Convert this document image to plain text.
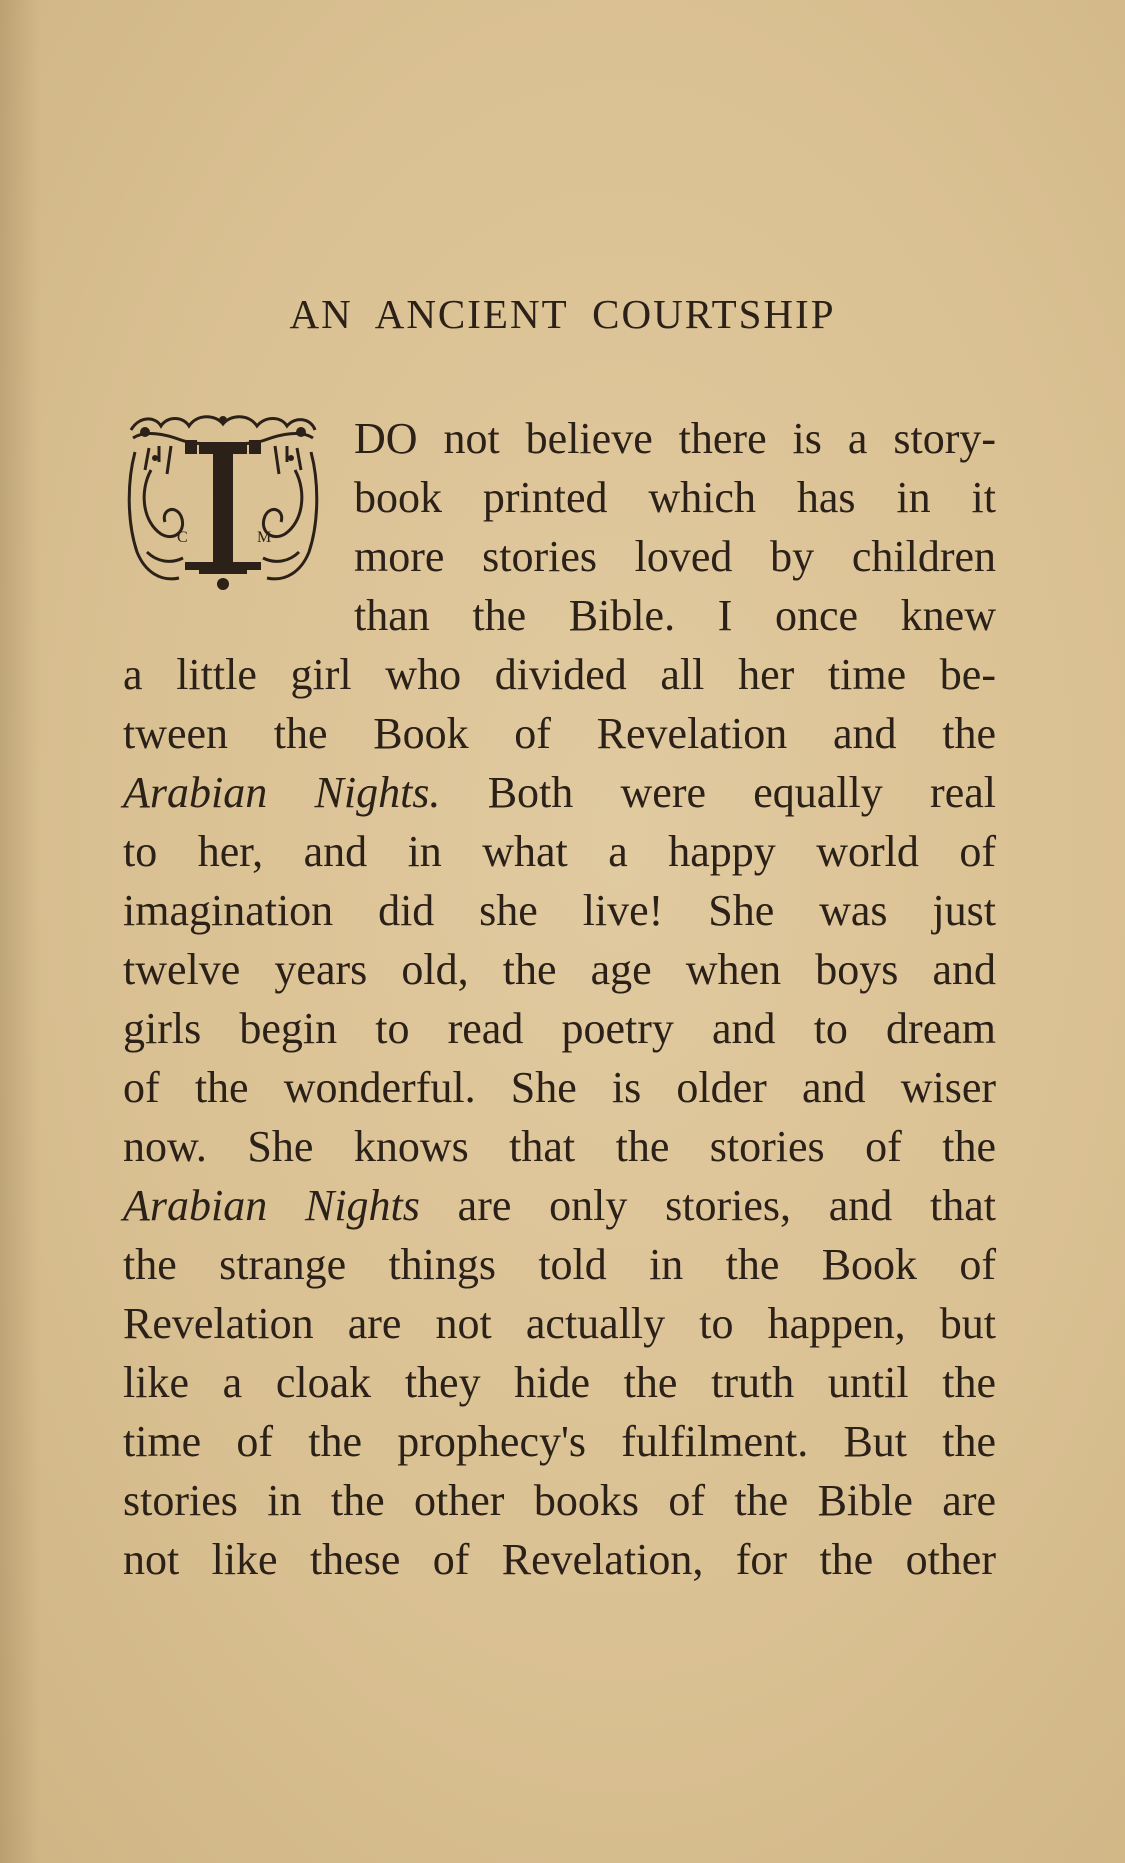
AN ANCIENT COURTSHIP
C	M
DO not believe there is a story-
book printed which has in it
more stories loved by children
than the Bible. I once knew
a little girl who divided all her time be-
tween the Book of Revelation and the
Arabian Nights. Both were equally real
to her, and in what a happy world of
imagination did she live! She was just
twelve years old, the age when boys and
girls begin to read poetry and to dream
of the wonderful. She is older and wiser
now. She knows that the stories of the
Arabian Nights are only stories, and that
the strange things told in the Book of
Revelation are not actually to happen, but
like a cloak they hide the truth until the
time of the prophecy's fulfilment. But the
stories in the other books of the Bible are
not like these of Revelation, for the other
